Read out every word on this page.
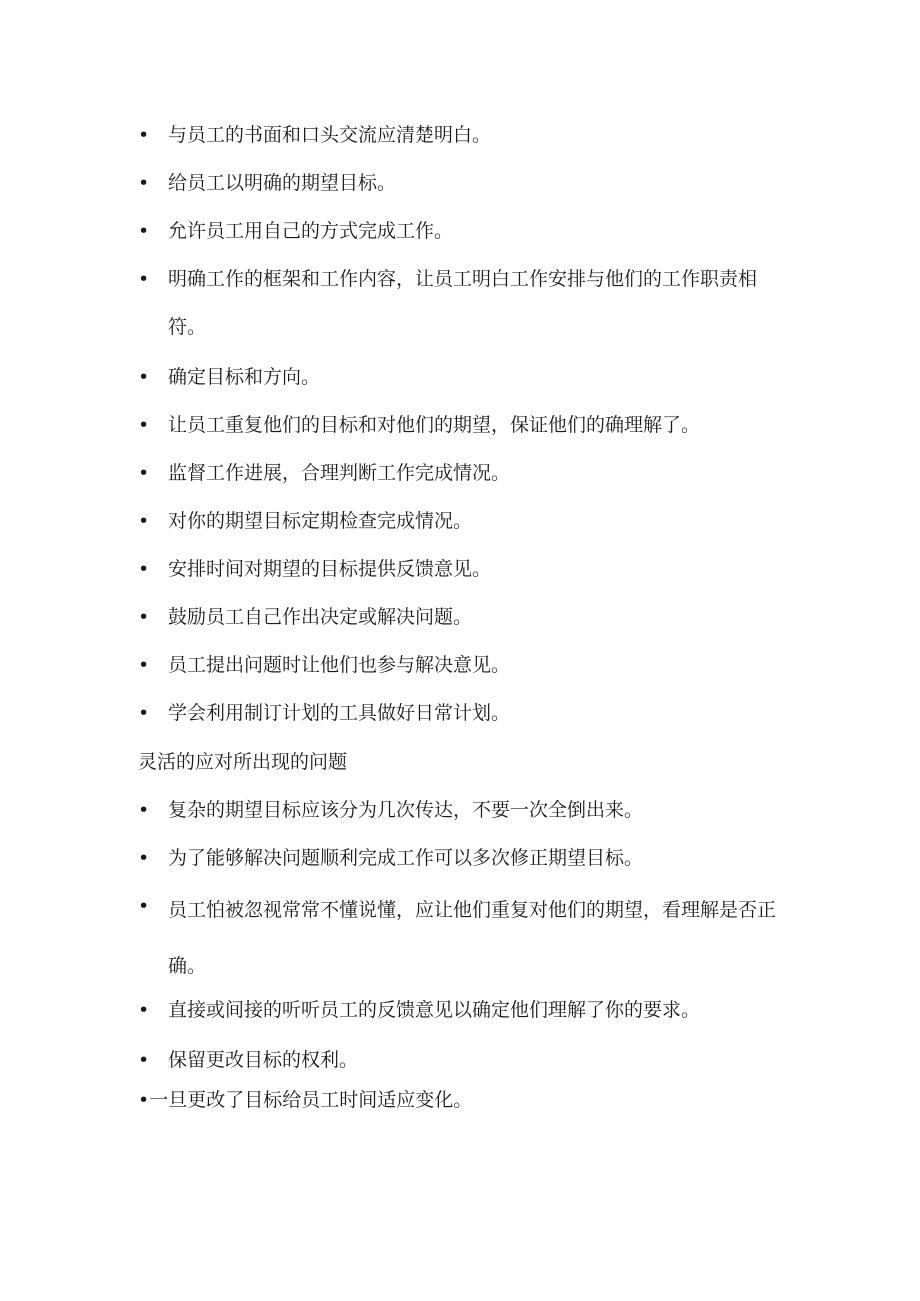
• 与员工的书面和口头交流应清楚明白。
• 给员工以明确的期望目标。
• 允许员工用自己的方式完成工作。
• 明确工作的框架和工作内容，让员工明白工作安排与他们的工作职责相符。
• 确定目标和方向。
• 让员工重复他们的目标和对他们的期望，保证他们的确理解了。
• 监督工作进展，合理判断工作完成情况。
• 对你的期望目标定期检查完成情况。
• 安排时间对期望的目标提供反馈意见。
• 鼓励员工自己作出决定或解决问题。
• 员工提出问题时让他们也参与解决意见。
• 学会利用制订计划的工具做好日常计划。
灵活的应对所出现的问题
• 复杂的期望目标应该分为几次传达，不要一次全倒出来。
• 为了能够解决问题顺利完成工作可以多次修正期望目标。
• 员工怕被忽视常常不懂说懂，应让他们重复对他们的期望，看理解是否正确。
• 直接或间接的听听员工的反馈意见以确定他们理解了你的要求。
• 保留更改目标的权利。
•一旦更改了目标给员工时间适应变化。
